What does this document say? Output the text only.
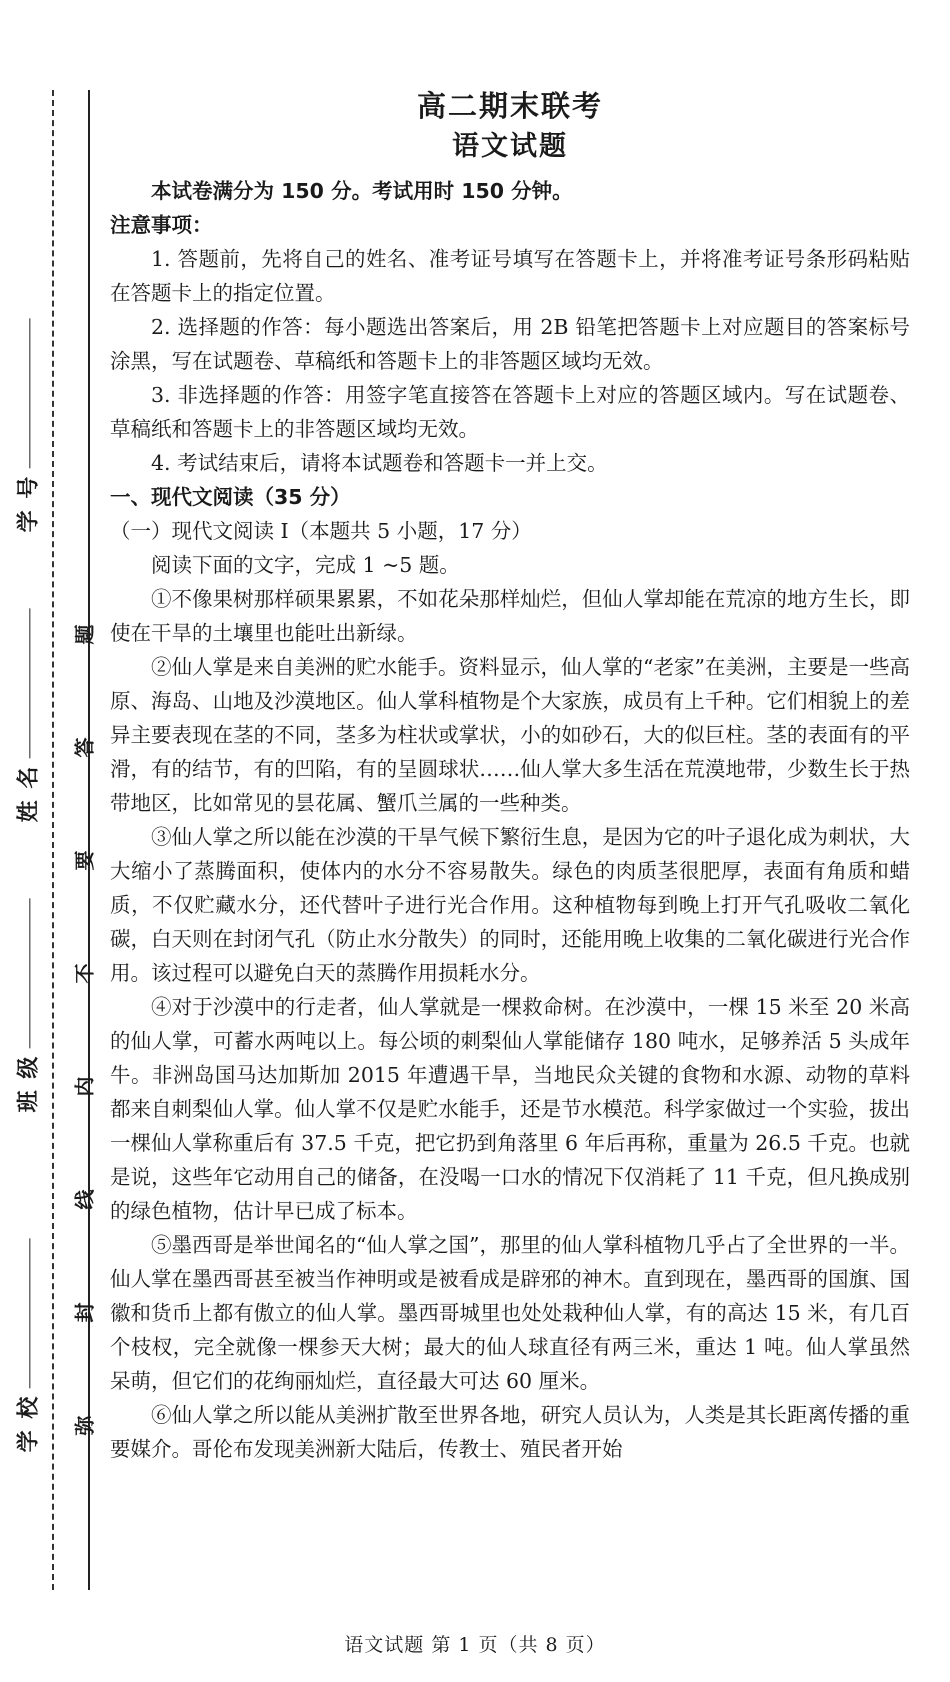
学 校
班 级
姓 名
学 号
弥
封
线
内
不
要
答
题
高二期末联考
语文试题
本试卷满分为 150 分。考试用时 150 分钟。
注意事项：
1. 答题前，先将自己的姓名、准考证号填写在答题卡上，并将准考证号条形码粘贴在答题卡上的指定位置。
2. 选择题的作答：每小题选出答案后，用 2B 铅笔把答题卡上对应题目的答案标号涂黑，写在试题卷、草稿纸和答题卡上的非答题区域均无效。
3. 非选择题的作答：用签字笔直接答在答题卡上对应的答题区域内。写在试题卷、草稿纸和答题卡上的非答题区域均无效。
4. 考试结束后，请将本试题卷和答题卡一并上交。
一、现代文阅读（35 分）
（一）现代文阅读 Ⅰ（本题共 5 小题，17 分）
阅读下面的文字，完成 1 ~5 题。
①不像果树那样硕果累累，不如花朵那样灿烂，但仙人掌却能在荒凉的地方生长，即使在干旱的土壤里也能吐出新绿。
②仙人掌是来自美洲的贮水能手。资料显示，仙人掌的“老家”在美洲，主要是一些高原、海岛、山地及沙漠地区。仙人掌科植物是个大家族，成员有上千种。它们相貌上的差异主要表现在茎的不同，茎多为柱状或掌状，小的如砂石，大的似巨柱。茎的表面有的平滑，有的结节，有的凹陷，有的呈圆球状……仙人掌大多生活在荒漠地带，少数生长于热带地区，比如常见的昙花属、蟹爪兰属的一些种类。
③仙人掌之所以能在沙漠的干旱气候下繁衍生息，是因为它的叶子退化成为刺状，大大缩小了蒸腾面积，使体内的水分不容易散失。绿色的肉质茎很肥厚，表面有角质和蜡质，不仅贮藏水分，还代替叶子进行光合作用。这种植物每到晚上打开气孔吸收二氧化碳，白天则在封闭气孔（防止水分散失）的同时，还能用晚上收集的二氧化碳进行光合作用。该过程可以避免白天的蒸腾作用损耗水分。
④对于沙漠中的行走者，仙人掌就是一棵救命树。在沙漠中，一棵 15 米至 20 米高的仙人掌，可蓄水两吨以上。每公顷的刺梨仙人掌能储存 180 吨水，足够养活 5 头成年牛。非洲岛国马达加斯加 2015 年遭遇干旱，当地民众关键的食物和水源、动物的草料都来自刺梨仙人掌。仙人掌不仅是贮水能手，还是节水模范。科学家做过一个实验，拔出一棵仙人掌称重后有 37.5 千克，把它扔到角落里 6 年后再称，重量为 26.5 千克。也就是说，这些年它动用自己的储备，在没喝一口水的情况下仅消耗了 11 千克，但凡换成别的绿色植物，估计早已成了标本。
⑤墨西哥是举世闻名的“仙人掌之国”，那里的仙人掌科植物几乎占了全世界的一半。仙人掌在墨西哥甚至被当作神明或是被看成是辟邪的神木。直到现在，墨西哥的国旗、国徽和货币上都有傲立的仙人掌。墨西哥城里也处处栽种仙人掌，有的高达 15 米，有几百个枝杈，完全就像一棵参天大树；最大的仙人球直径有两三米，重达 1 吨。仙人掌虽然呆萌，但它们的花绚丽灿烂，直径最大可达 60 厘米。
⑥仙人掌之所以能从美洲扩散至世界各地，研究人员认为，人类是其长距离传播的重要媒介。哥伦布发现美洲新大陆后，传教士、殖民者开始
语文试题 第 1 页（共 8 页）
